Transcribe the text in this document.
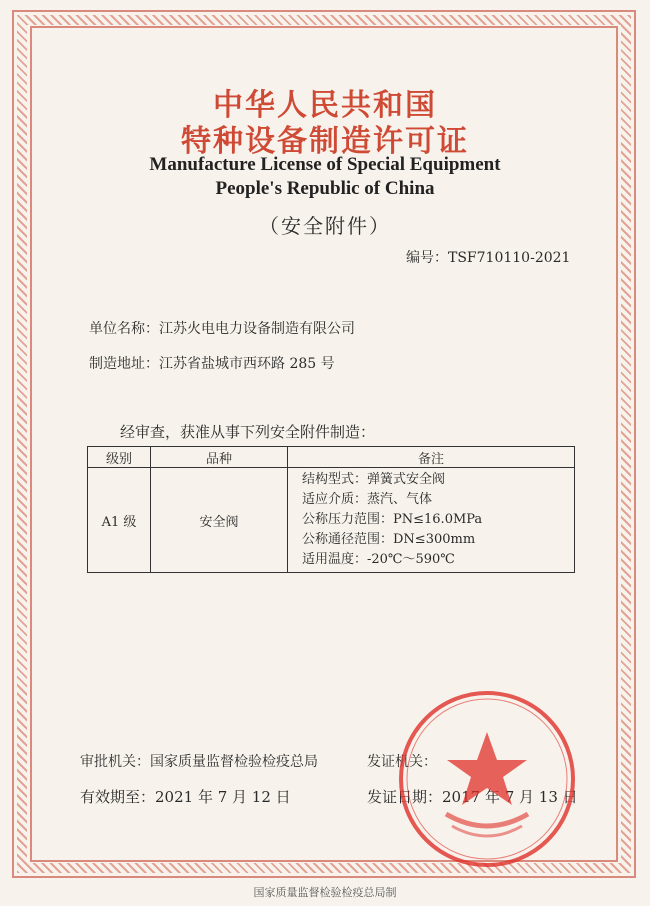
中华人民共和国
特种设备制造许可证
Manufacture License of Special Equipment
People's Republic of China
（安全附件）
编号：TSF710110-2021
单位名称：江苏火电电力设备制造有限公司
制造地址：江苏省盐城市西环路 285 号
经审查，获准从事下列安全附件制造：
级别	品种	备注
A1 级	安全阀	结构型式：弹簧式安全阀
适应介质：蒸汽、气体
公称压力范围：PN≤16.0MPa
公称通径范围：DN≤300mm
适用温度：-20℃～590℃
审批机关：国家质量监督检验检疫总局	发证机关：
有效期至：2021 年 7 月 12 日	发证日期：2017 年 7 月 13 日
国家质量监督检验检疫总局制
